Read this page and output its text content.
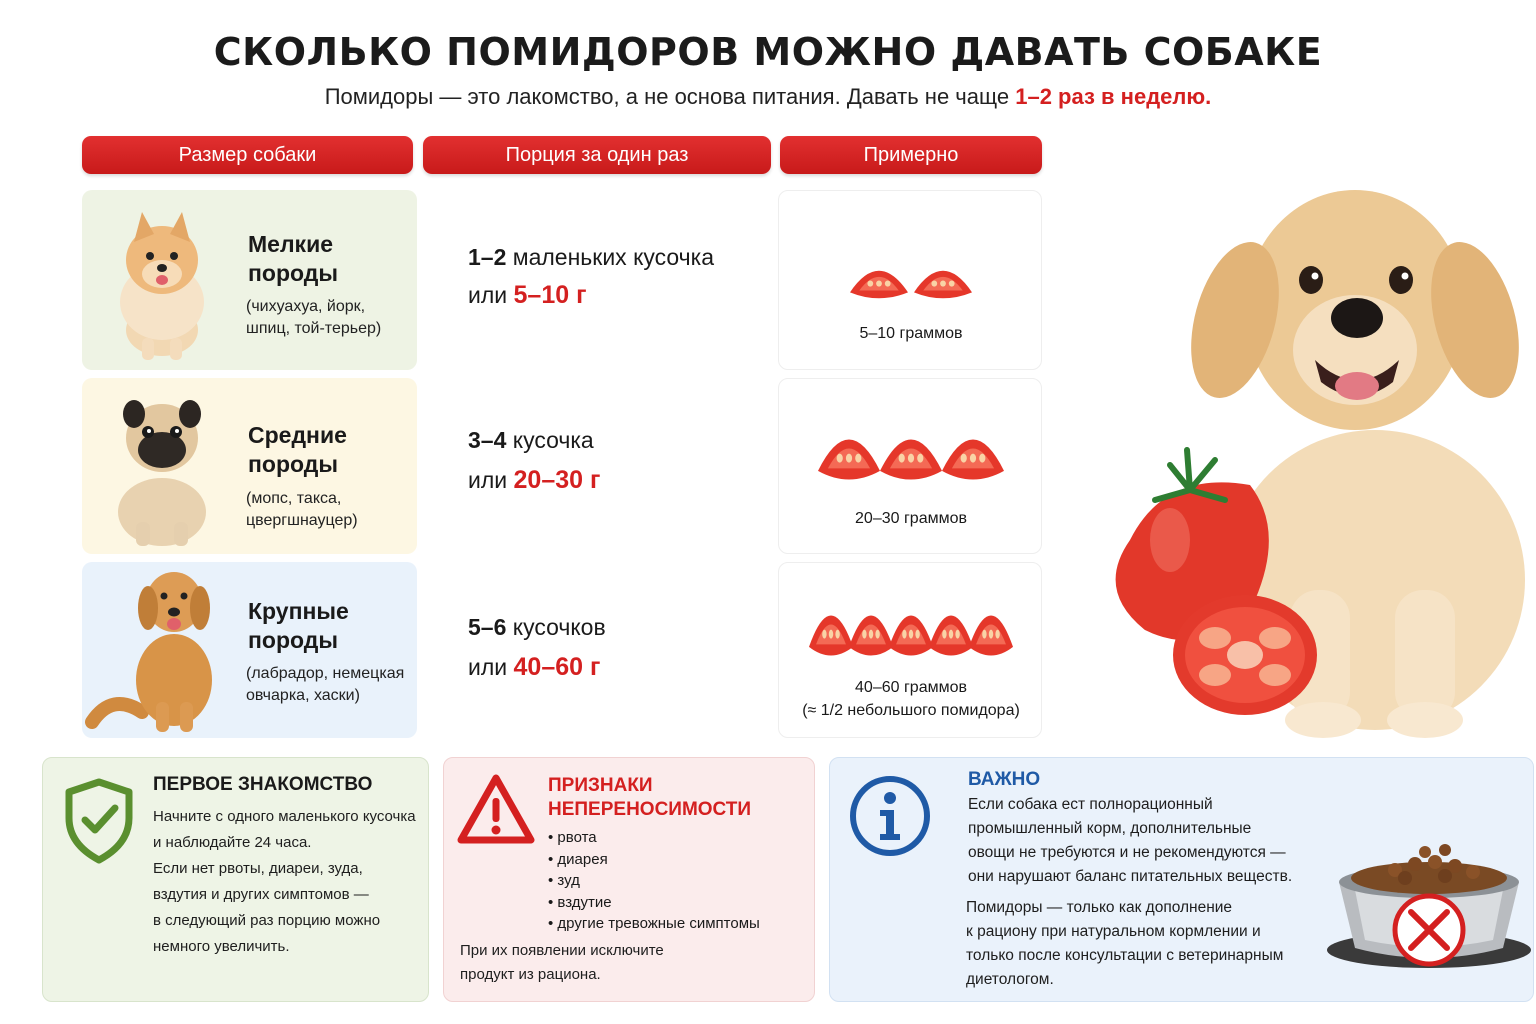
СКОЛЬКО ПОМИДОРОВ МОЖНО ДАВАТЬ СОБАКЕ
Помидоры — это лакомство, а не основа питания. Давать не чаще 1–2 раз в неделю.
Размер собаки	Порция за один раз	Примерно
Мелкие
породы
(чихуахуа, йорк,
шпиц, той-терьер)
1–2 маленьких кусочка
или 5–10 г
5–10 граммов
Средние
породы
(мопс, такса,
цвергшнауцер)
3–4 кусочка
или 20–30 г
20–30 граммов
Крупные
породы
(лабрадор, немецкая
овчарка, хаски)
5–6 кусочков
или 40–60 г
40–60 граммов
(≈ 1/2 небольшого помидора)
ПЕРВОЕ ЗНАКОМСТВО
Начните с одного маленького кусочка
и наблюдайте 24 часа.
Если нет рвоты, диареи, зуда,
вздутия и других симптомов —
в следующий раз порцию можно
немного увеличить.
ПРИЗНАКИ
НЕПЕРЕНОСИМОСТИ
• рвота
• диарея
• зуд
• вздутие
• другие тревожные симптомы
При их появлении исключите
продукт из рациона.
ВАЖНО
Если собака ест полнорационный
промышленный корм, дополнительные
овощи не требуются и не рекомендуются —
они нарушают баланс питательных веществ.
Помидоры — только как дополнение
к рациону при натуральном кормлении и
только после консультации с ветеринарным
диетологом.
